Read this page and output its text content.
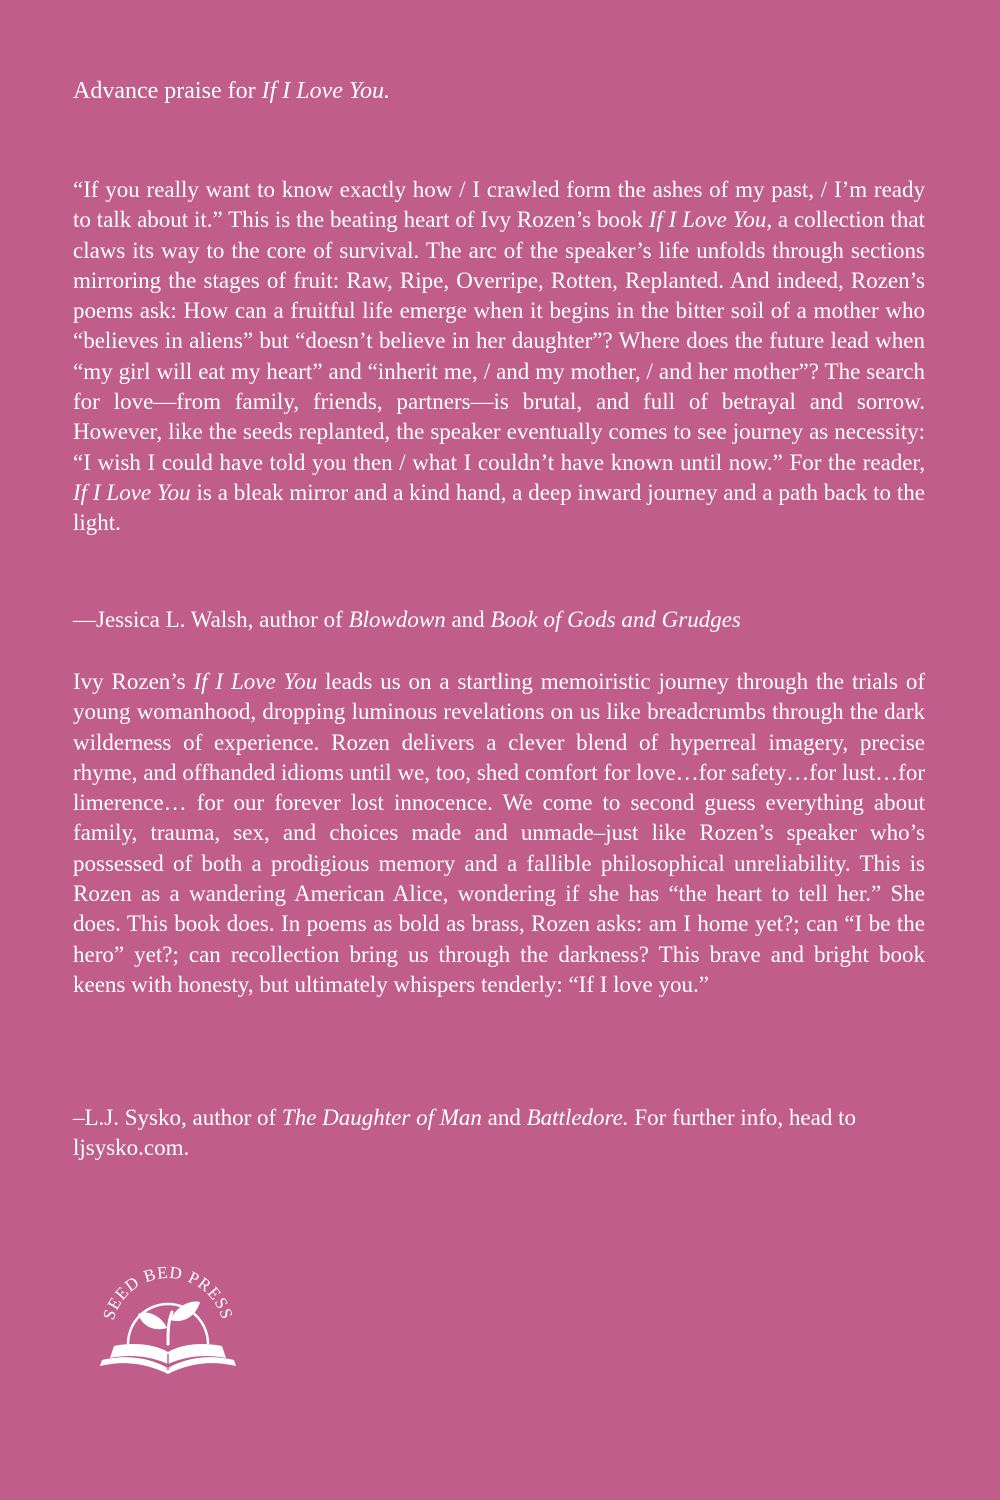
Advance praise for If I Love You.
“If you really want to know exactly how / I crawled form the ashes of my past, / I’m ready to talk about it.” This is the beating heart of Ivy Rozen’s book If I Love You, a collection that claws its way to the core of survival. The arc of the speaker’s life unfolds through sections mirroring the stages of fruit: Raw, Ripe, Overripe, Rotten, Replanted. And indeed, Rozen’s poems ask: How can a fruitful life emerge when it begins in the bitter soil of a mother who “believes in aliens” but “doesn’t believe in her daughter”? Where does the future lead when “my girl will eat my heart” and “inherit me, / and my mother, / and her mother”? The search for love—from family, friends, partners—is brutal, and full of betrayal and sorrow. However, like the seeds replanted, the speaker eventually comes to see journey as necessity: “I wish I could have told you then / what I couldn’t have known until now.” For the reader, If I Love You is a bleak mirror and a kind hand, a deep inward journey and a path back to the light.
—Jessica L. Walsh, author of Blowdown and Book of Gods and Grudges
Ivy Rozen’s If I Love You leads us on a startling memoiristic journey through the trials of young womanhood, dropping luminous revelations on us like breadcrumbs through the dark wilderness of experience. Rozen delivers a clever blend of hyperreal imagery, precise rhyme, and offhanded idioms until we, too, shed comfort for love…for safety…for lust…for limerence… for our forever lost innocence. We come to second guess everything about family, trauma, sex, and choices made and unmade–just like Rozen’s speaker who’s possessed of both a prodigious memory and a fallible philosophical unreliability. This is Rozen as a wandering American Alice, wondering if she has “the heart to tell her.” She does. This book does. In poems as bold as brass, Rozen asks: am I home yet?; can “I be the hero” yet?; can recollection bring us through the darkness? This brave and bright book keens with honesty, but ultimately whispers tenderly: “If I love you.”
–L.J. Sysko, author of The Daughter of Man and Battledore. For further info, head to ljsysko.com.
SEED BED PRESS
